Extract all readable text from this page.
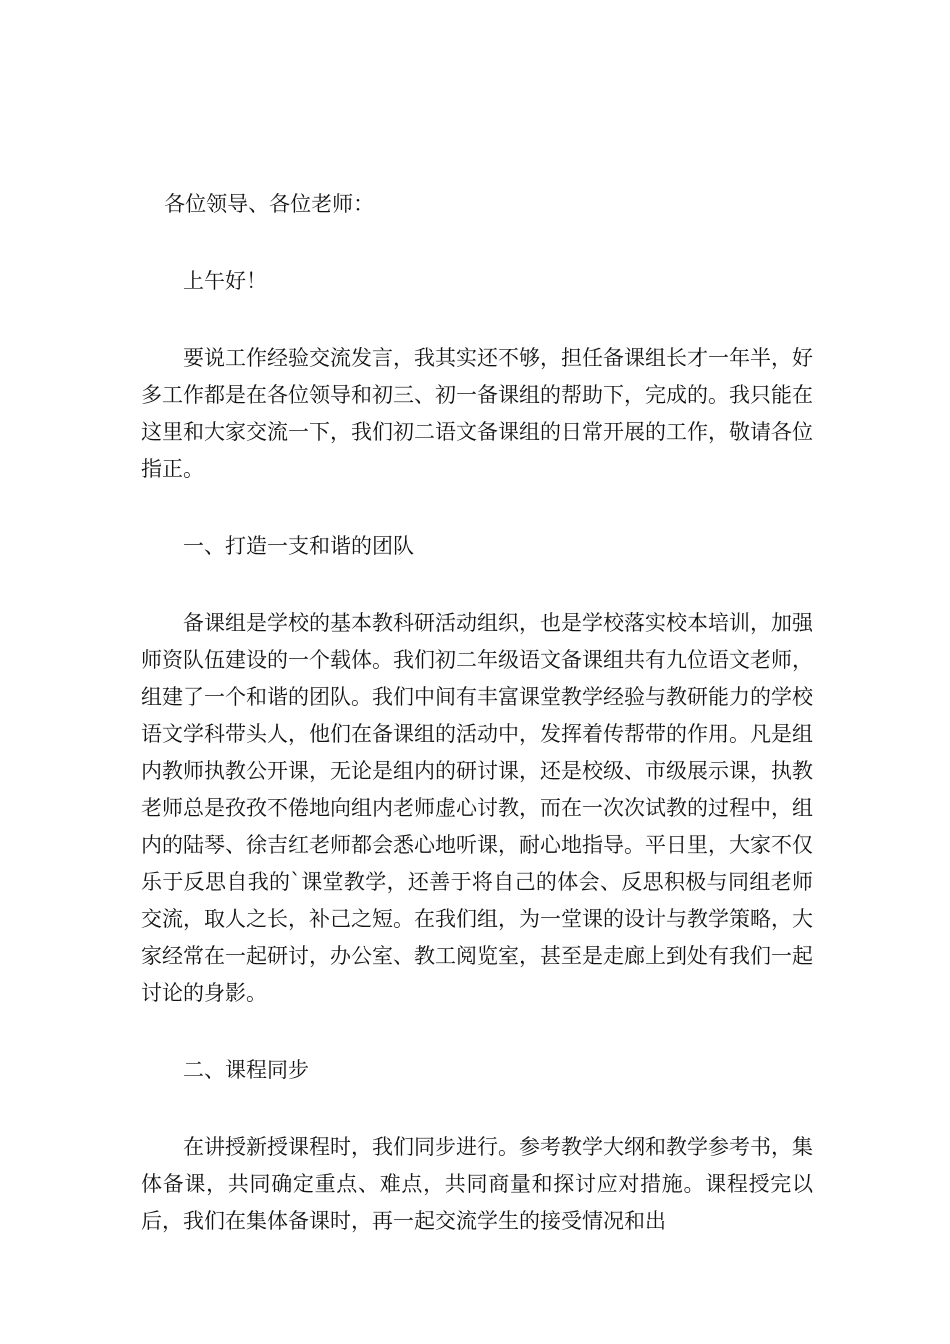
各位领导、各位老师：

上午好！

要说工作经验交流发言，我其实还不够，担任备课组长才一年半，好多工作都是在各位领导和初三、初一备课组的帮助下，完成的。我只能在这里和大家交流一下，我们初二语文备课组的日常开展的工作，敬请各位指正。

一、打造一支和谐的团队

备课组是学校的基本教科研活动组织，也是学校落实校本培训，加强师资队伍建设的一个载体。我们初二年级语文备课组共有九位语文老师，组建了一个和谐的团队。我们中间有丰富课堂教学经验与教研能力的学校语文学科带头人，他们在备课组的活动中，发挥着传帮带的作用。凡是组内教师执教公开课，无论是组内的研讨课，还是校级、市级展示课，执教老师总是孜孜不倦地向组内老师虚心讨教，而在一次次试教的过程中，组内的陆琴、徐吉红老师都会悉心地听课，耐心地指导。平日里，大家不仅乐于反思自我的`课堂教学，还善于将自己的体会、反思积极与同组老师交流，取人之长，补己之短。在我们组，为一堂课的设计与教学策略，大家经常在一起研讨，办公室、教工阅览室，甚至是走廊上到处有我们一起讨论的身影。

二、课程同步

在讲授新授课程时，我们同步进行。参考教学大纲和教学参考书，集体备课，共同确定重点、难点，共同商量和探讨应对措施。课程授完以后，我们在集体备课时，再一起交流学生的接受情况和出
